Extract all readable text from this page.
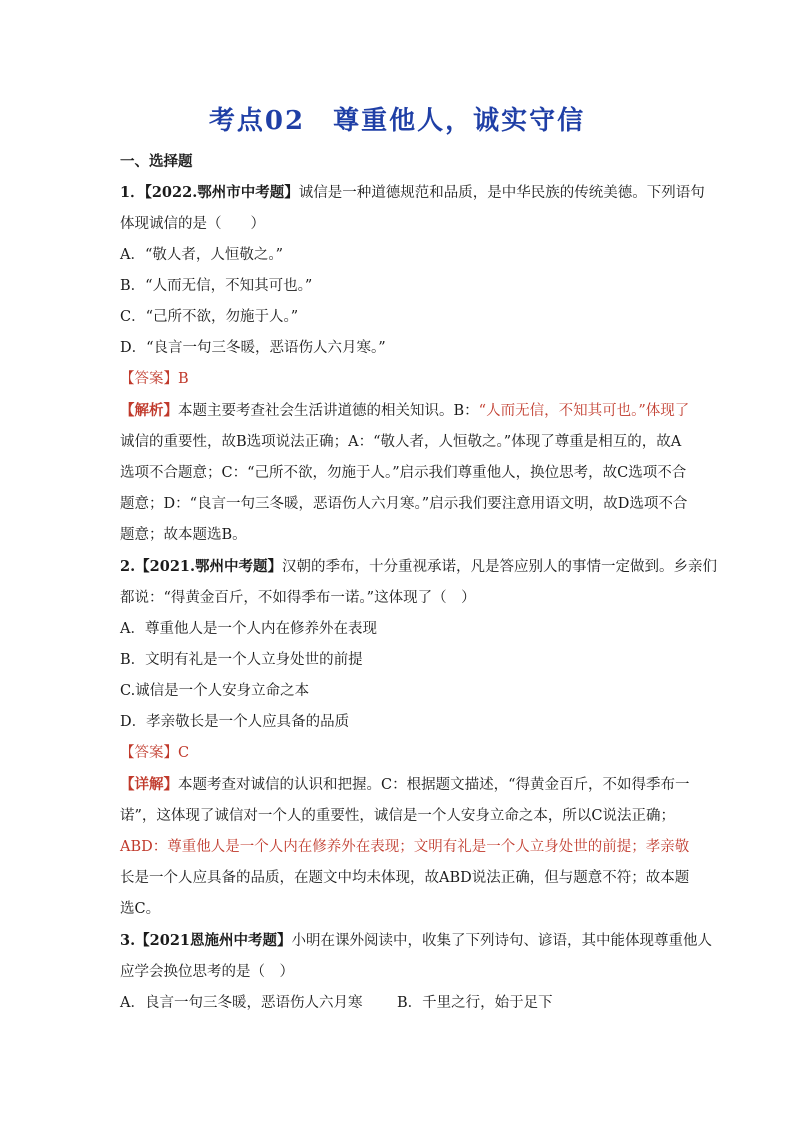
考点02　尊重他人，诚实守信
一、选择题
1．【2022.鄂州市中考题】诚信是一种道德规范和品质，是中华民族的传统美德。下列语句
体现诚信的是（　　）
A．“敬人者，人恒敬之。”
B．“人而无信，不知其可也。”
C．“己所不欲，勿施于人。”
D．“良言一句三冬暖，恶语伤人六月寒。”
【答案】B
【解析】本题主要考查社会生活讲道德的相关知识。B：“人而无信，不知其可也。”体现了
诚信的重要性，故B选项说法正确；A：“敬人者，人恒敬之。”体现了尊重是相互的，故A
选项不合题意；C：“己所不欲，勿施于人。”启示我们尊重他人，换位思考，故C选项不合
题意；D：“良言一句三冬暖，恶语伤人六月寒。”启示我们要注意用语文明，故D选项不合
题意；故本题选B。
2.【2021.鄂州中考题】汉朝的季布，十分重视承诺，凡是答应别人的事情一定做到。乡亲们
都说：“得黄金百斤，不如得季布一诺。”这体现了（　）
A．尊重他人是一个人内在修养外在表现
B．文明有礼是一个人立身处世的前提
C.诚信是一个人安身立命之本
D．孝亲敬长是一个人应具备的品质
【答案】C
【详解】本题考查对诚信的认识和把握。C：根据题文描述，“得黄金百斤，不如得季布一
诺”，这体现了诚信对一个人的重要性，诚信是一个人安身立命之本，所以C说法正确；
ABD：尊重他人是一个人内在修养外在表现；文明有礼是一个人立身处世的前提；孝亲敬
长是一个人应具备的品质，在题文中均未体现，故ABD说法正确，但与题意不符；故本题
选C。
3.【2021恩施州中考题】小明在课外阅读中，收集了下列诗句、谚语，其中能体现尊重他人
应学会换位思考的是（　）
A．良言一句三冬暖，恶语伤人六月寒	B．千里之行，始于足下
